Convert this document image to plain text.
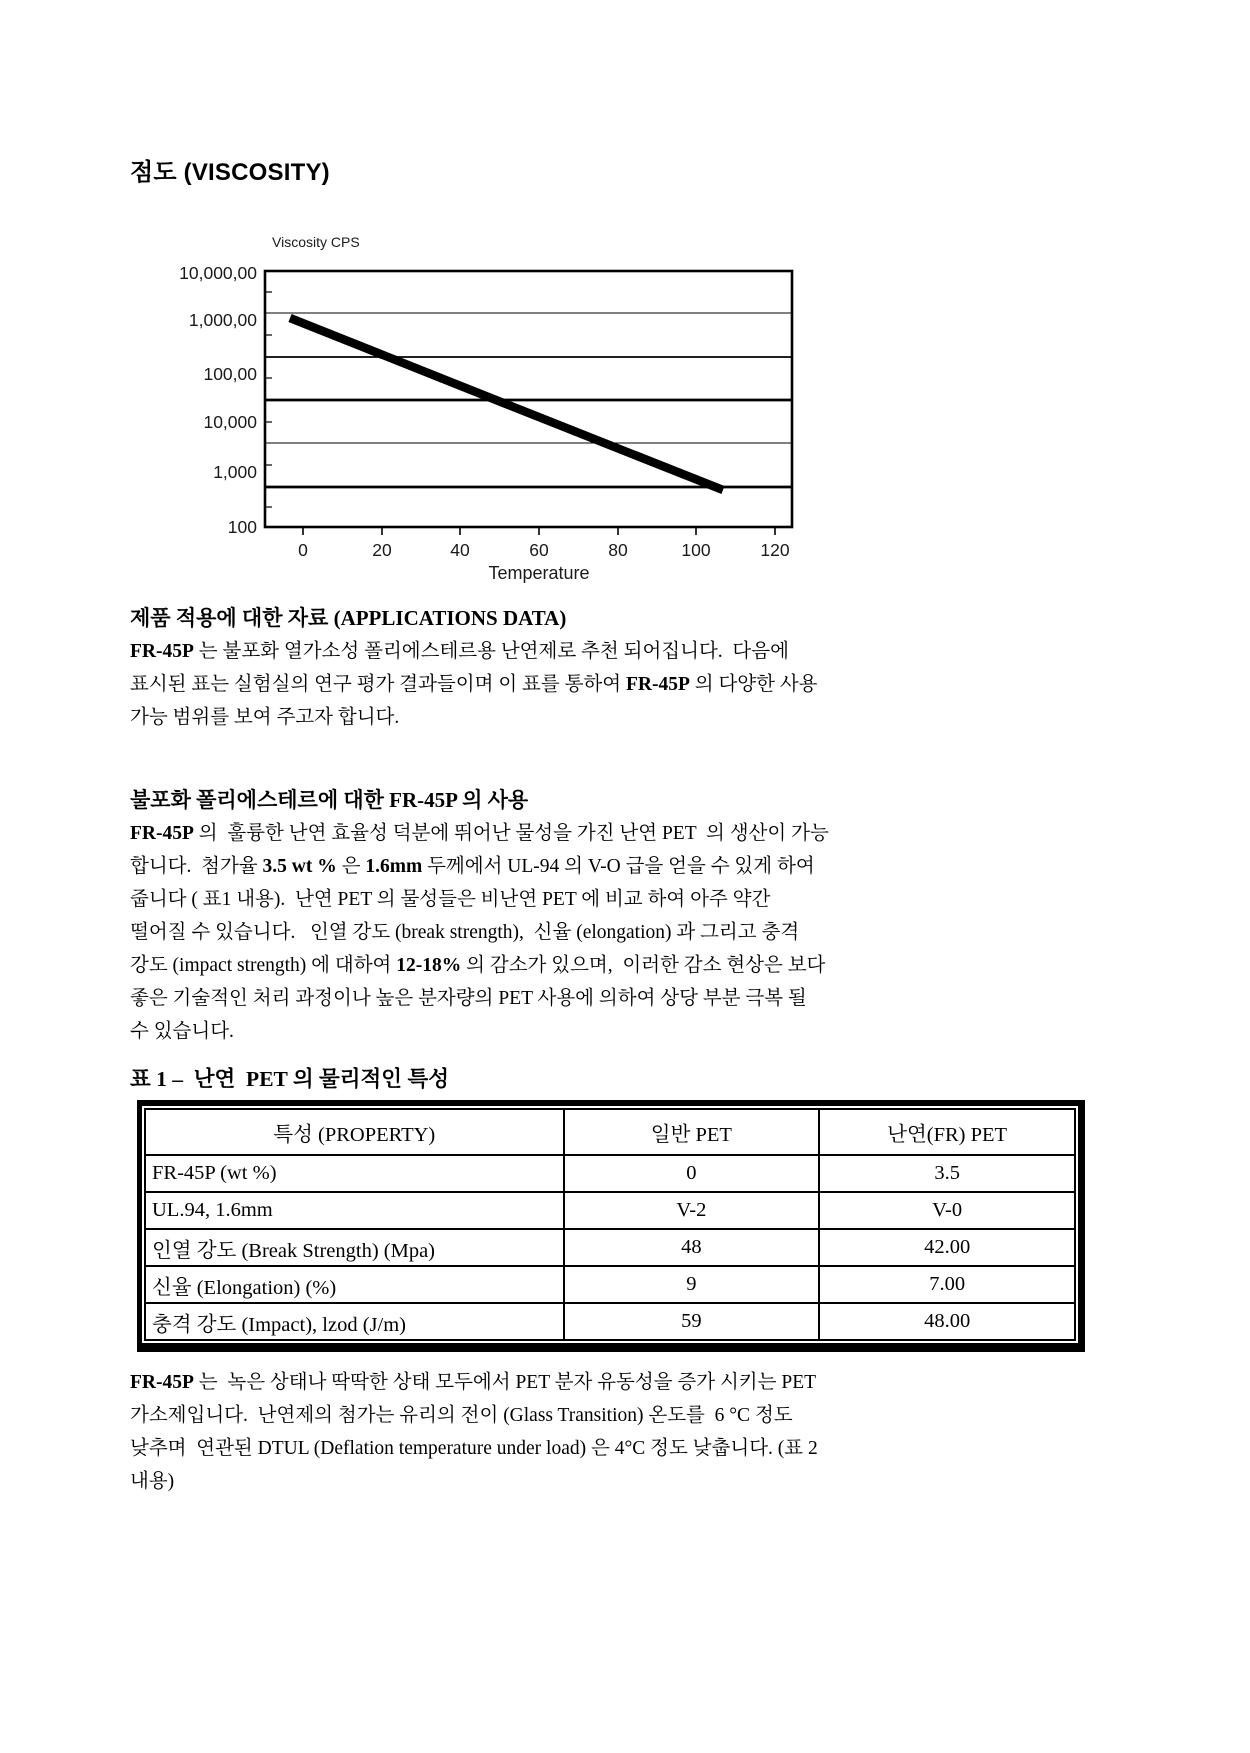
점도 (VISCOSITY)
Viscosity CPS
10,000,00
1,000,00
100,00
10,000
1,000
100
0	20	40	60	80	100	120
Temperature
제품 적용에 대한 자료 (APPLICATIONS DATA)
FR-45P 는 불포화 열가소성 폴리에스테르용 난연제로 추천 되어집니다.  다음에
표시된 표는 실험실의 연구 평가 결과들이며 이 표를 통하여 FR-45P 의 다양한 사용
가능 범위를 보여 주고자 합니다.
불포화 폴리에스테르에 대한 FR-45P 의 사용
FR-45P 의  훌륭한 난연 효율성 덕분에 뛰어난 물성을 가진 난연 PET  의 생산이 가능
합니다.  첨가율 3.5 wt % 은 1.6mm 두께에서 UL-94 의 V-O 급을 얻을 수 있게 하여
줍니다 ( 표1 내용).  난연 PET 의 물성들은 비난연 PET 에 비교 하여 아주 약간
떨어질 수 있습니다.   인열 강도 (break strength),  신율 (elongation) 과 그리고 충격
강도 (impact strength) 에 대하여 12-18% 의 감소가 있으며,  이러한 감소 현상은 보다
좋은 기술적인 처리 과정이나 높은 분자량의 PET 사용에 의하여 상당 부분 극복 될
수 있습니다.
표 1 –  난연  PET 의 물리적인 특성
특성 (PROPERTY)	일반 PET	난연(FR) PET
FR-45P (wt %)	0	3.5
UL.94, 1.6mm	V-2	V-0
인열 강도 (Break Strength) (Mpa)	48	42.00
신율 (Elongation) (%)	9	7.00
충격 강도 (Impact), lzod (J/m)	59	48.00
FR-45P 는  녹은 상태나 딱딱한 상태 모두에서 PET 분자 유동성을 증가 시키는 PET
가소제입니다.  난연제의 첨가는 유리의 전이 (Glass Transition) 온도를  6 °C 정도
낮추며  연관된 DTUL (Deflation temperature under load) 은 4°C 정도 낮춥니다. (표 2
내용)
